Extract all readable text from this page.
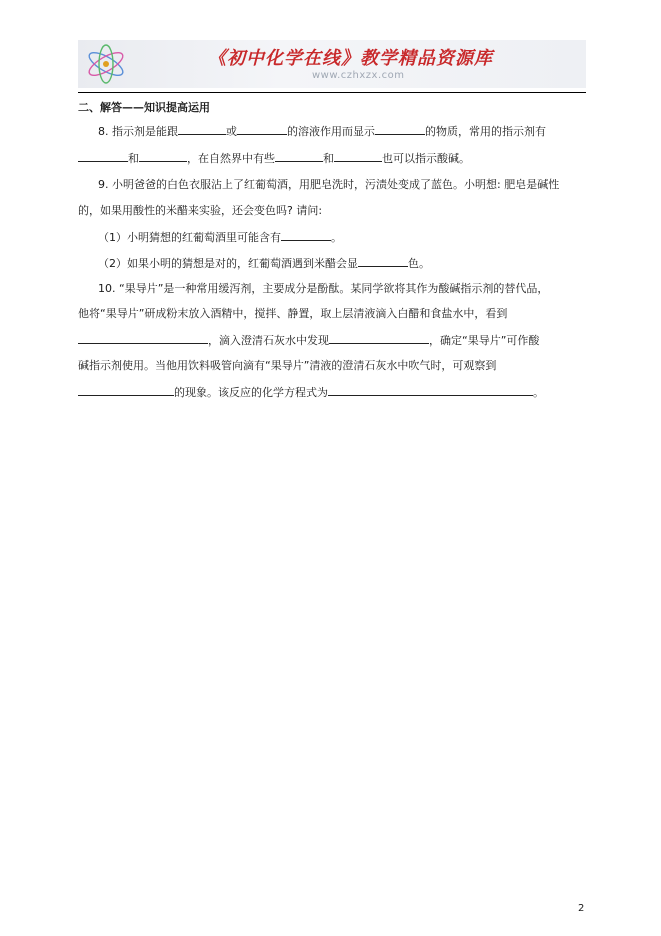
《初中化学在线》教学精品资源库
www.czhxzx.com
二、解答——知识提高运用
8. 指示剂是能跟	或	的溶液作用而显示	的物质，常用的指示剂有
和	，在自然界中有些	和	也可以指示酸碱。
9. 小明爸爸的白色衣服沾上了红葡萄酒，用肥皂洗时，污渍处变成了蓝色。小明想: 肥皂是碱性
的，如果用酸性的米醋来实验，还会变色吗? 请问:
（1）小明猜想的红葡萄酒里可能含有	。
（2）如果小明的猜想是对的，红葡萄酒遇到米醋会显	色。
10. “果导片”是一种常用缓泻剂，主要成分是酚酞。某同学欲将其作为酸碱指示剂的替代品，
他将“果导片”研成粉末放入酒精中，搅拌、静置，取上层清液滴入白醋和食盐水中，看到
，滴入澄清石灰水中发现	，确定“果导片”可作酸
碱指示剂使用。当他用饮料吸管向滴有“果导片”清液的澄清石灰水中吹气时，可观察到
的现象。该反应的化学方程式为	。
2
